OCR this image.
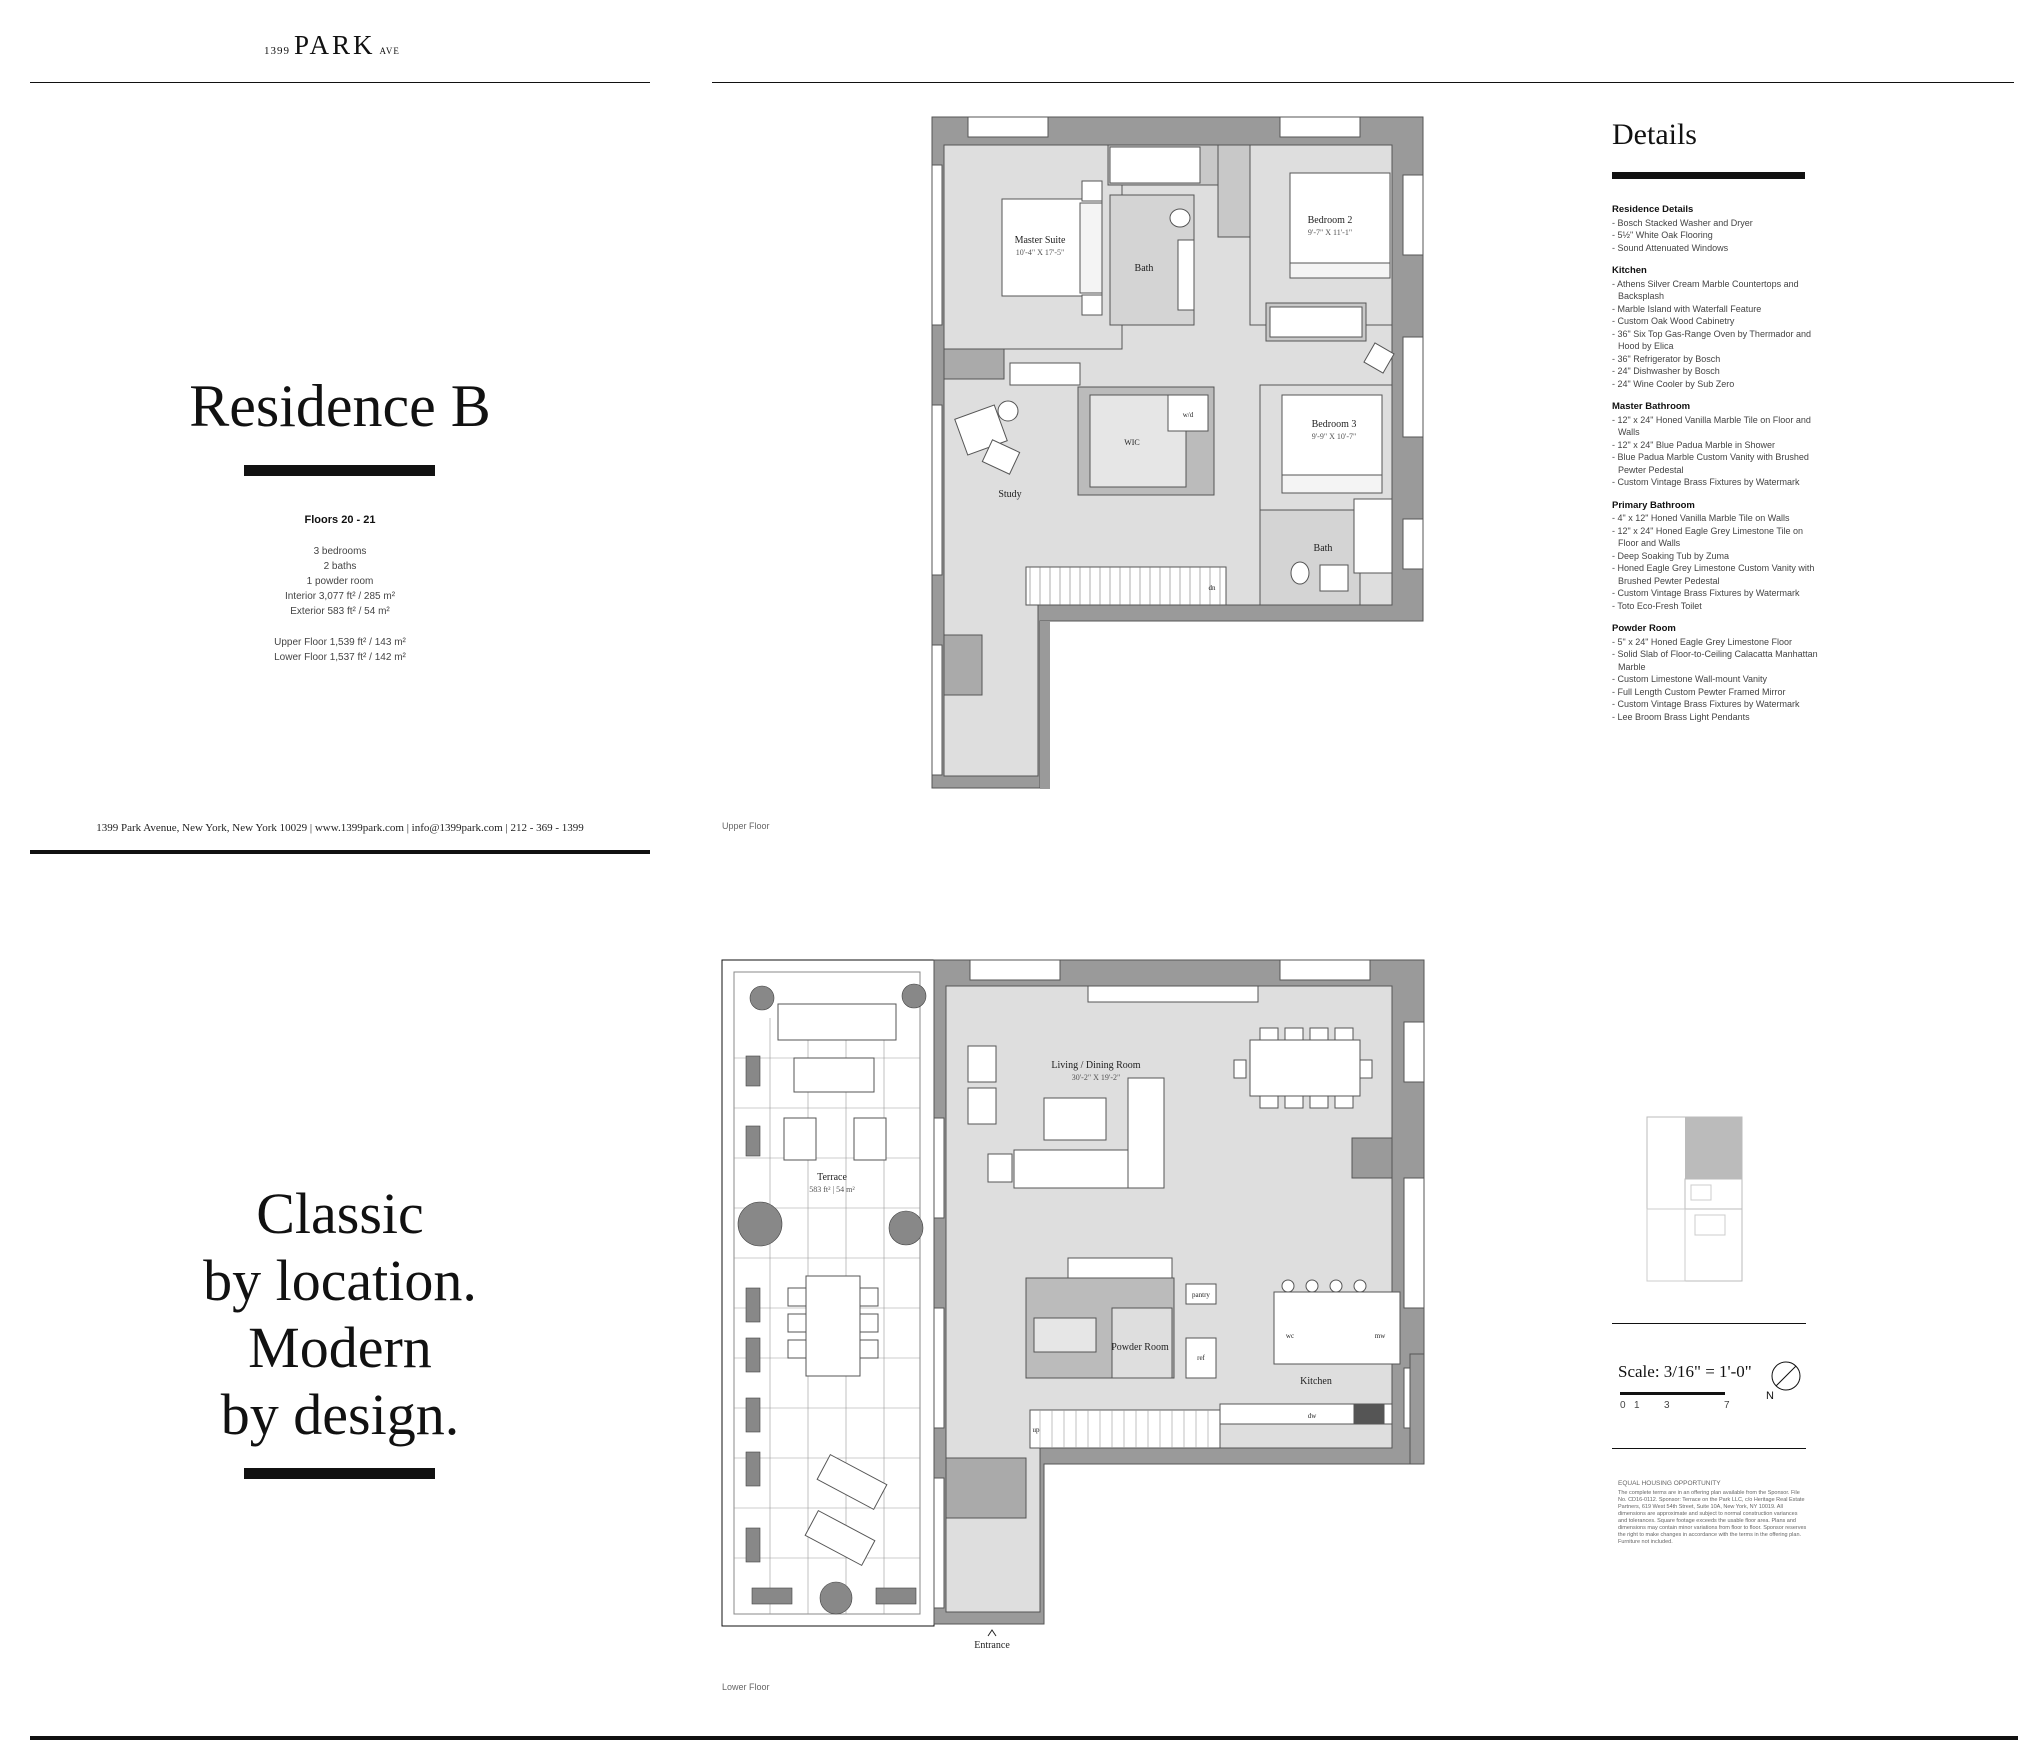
1399 PARK AVE
Residence B
Floors 20 - 21
3 bedrooms
2 baths
1 powder room
Interior 3,077 ft² / 285 m²
Exterior 583 ft² / 54 m²
Upper Floor 1,539 ft² / 143 m²
Lower Floor 1,537 ft² / 142 m²
1399 Park Avenue, New York, New York 10029 | www.1399park.com | info@1399park.com | 212 - 369 - 1399
Classic
by location.
Modern
by design.
Details
Residence Details
- Bosch Stacked Washer and Dryer
- 5½" White Oak Flooring
- Sound Attenuated Windows
Kitchen
- Athens Silver Cream Marble Countertops and Backsplash
- Marble Island with Waterfall Feature
- Custom Oak Wood Cabinetry
- 36" Six Top Gas-Range Oven by Thermador and Hood by Elica
- 36" Refrigerator by Bosch
- 24" Dishwasher by Bosch
- 24" Wine Cooler by Sub Zero
Master Bathroom
- 12" x 24" Honed Vanilla Marble Tile on Floor and Walls
- 12" x 24" Blue Padua Marble in Shower
- Blue Padua Marble Custom Vanity with Brushed Pewter Pedestal
- Custom Vintage Brass Fixtures by Watermark
Primary Bathroom
- 4" x 12" Honed Vanilla Marble Tile on Walls
- 12" x 24" Honed Eagle Grey Limestone Tile on Floor and Walls
- Deep Soaking Tub by Zuma
- Honed Eagle Grey Limestone Custom Vanity with Brushed Pewter Pedestal
- Custom Vintage Brass Fixtures by Watermark
- Toto Eco-Fresh Toilet
Powder Room
- 5" x 24" Honed Eagle Grey Limestone Floor
- Solid Slab of Floor-to-Ceiling Calacatta Manhattan Marble
- Custom Limestone Wall-mount Vanity
- Full Length Custom Pewter Framed Mirror
- Custom Vintage Brass Fixtures by Watermark
- Lee Broom Brass Light Pendants
Scale: 3/16" = 1'-0"
0 1	3	7
N
EQUAL HOUSING OPPORTUNITY
The complete terms are in an offering plan available from the Sponsor. File No. CD16-0112. Sponsor: Terrace on the Park LLC, c/o Heritage Real Estate Partners, 619 West 54th Street, Suite 10A, New York, NY 10019. All dimensions are approximate and subject to normal construction variances and tolerances. Square footage exceeds the usable floor area. Plans and dimensions may contain minor variations from floor to floor. Sponsor reserves the right to make changes in accordance with the terms in the offering plan. Furniture not included.
Master Suite
10'-4" X 17'-5"
Bath
Bedroom 2
9'-7" X 11'-1"
Bedroom 3
9'-9" X 10'-7"
WIC
w/d
Study
Bath
dn
Upper Floor
Living / Dining Room
30'-2" X 19'-2"
Terrace
583 ft² | 54 m²
Powder Room
Kitchen
pantry
ref
wc	mw
dw
up
Entrance
Lower Floor
